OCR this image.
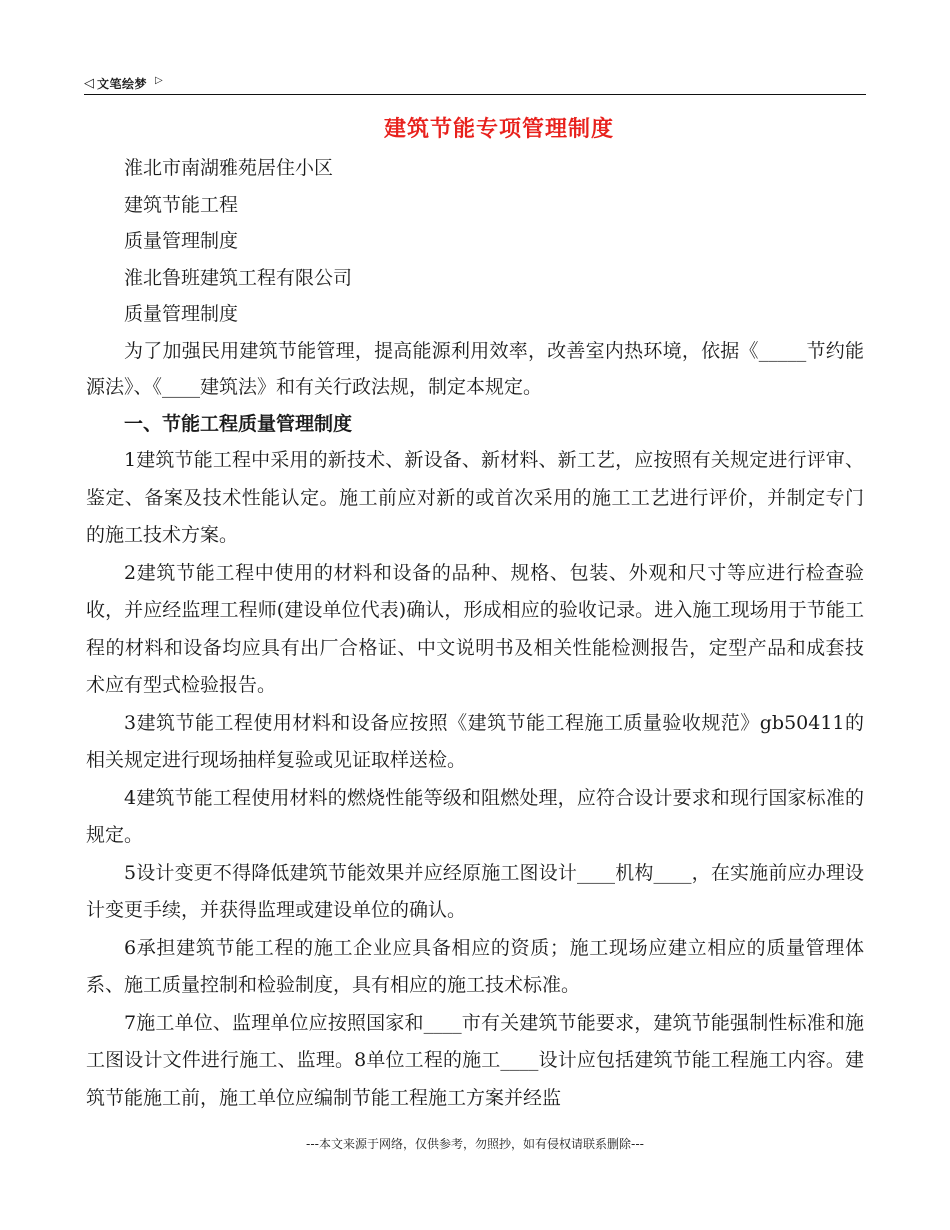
◁ 文笔绘梦 ▷
建筑节能专项管理制度

淮北市南湖雅苑居住小区

建筑节能工程

质量管理制度

淮北鲁班建筑工程有限公司

质量管理制度

为了加强民用建筑节能管理，提高能源利用效率，改善室内热环境，依据《_____节约能源法》、《____建筑法》和有关行政法规，制定本规定。

一、节能工程质量管理制度

1建筑节能工程中采用的新技术、新设备、新材料、新工艺，应按照有关规定进行评审、鉴定、备案及技术性能认定。施工前应对新的或首次采用的施工工艺进行评价，并制定专门的施工技术方案。

2建筑节能工程中使用的材料和设备的品种、规格、包装、外观和尺寸等应进行检查验收，并应经监理工程师(建设单位代表)确认，形成相应的验收记录。进入施工现场用于节能工程的材料和设备均应具有出厂合格证、中文说明书及相关性能检测报告，定型产品和成套技术应有型式检验报告。

3建筑节能工程使用材料和设备应按照《建筑节能工程施工质量验收规范》gb50411的相关规定进行现场抽样复验或见证取样送检。

4建筑节能工程使用材料的燃烧性能等级和阻燃处理，应符合设计要求和现行国家标准的规定。

5设计变更不得降低建筑节能效果并应经原施工图设计____机构____，在实施前应办理设计变更手续，并获得监理或建设单位的确认。

6承担建筑节能工程的施工企业应具备相应的资质；施工现场应建立相应的质量管理体系、施工质量控制和检验制度，具有相应的施工技术标准。

7施工单位、监理单位应按照国家和____市有关建筑节能要求，建筑节能强制性标准和施工图设计文件进行施工、监理。8单位工程的施工____设计应包括建筑节能工程施工内容。建筑节能施工前，施工单位应编制节能工程施工方案并经监

---本文来源于网络，仅供参考，勿照抄，如有侵权请联系删除---
